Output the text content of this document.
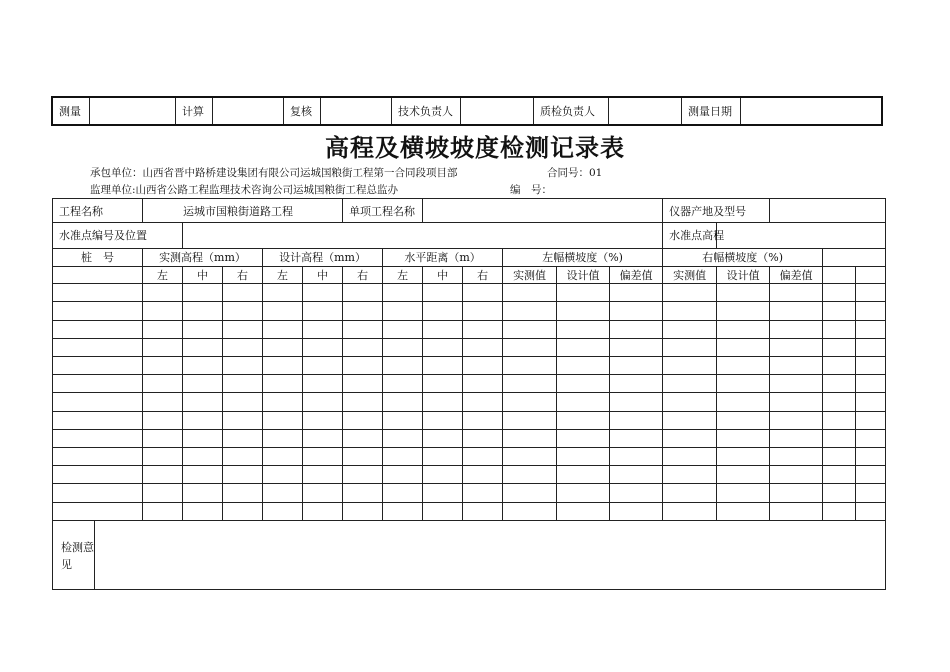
测量		计算		复核		技术负责人		质检负责人		测量日期	
高程及横坡坡度检测记录表
承包单位：山西省晋中路桥建设集团有限公司运城国粮街工程第一合同段项目部	合同号：01
监理单位:山西省公路工程监理技术咨询公司运城国粮街工程总监办	编　号：
工程名称	运城市国粮街道路工程					单项工程名称							仪器产地及型号				
水准点编号及位置													水准点高程				
桩　号	实测高程（mm）			设计高程（mm）			水平距离（m）			左幅横坡度（%)			右幅横坡度（%)				
	左	中	右	左	中	右	左	中	右	实测值	设计值	偏差值	实测值	设计值	偏差值		

检测意见																	
